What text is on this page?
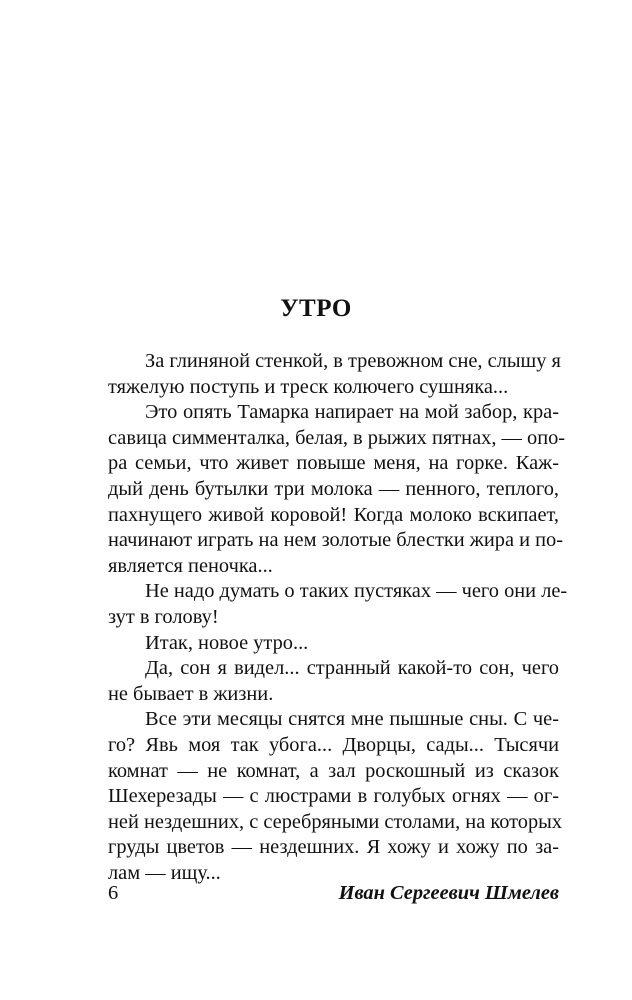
УТРО
За глиняной стенкой, в тревожном сне, слышу я
тяжелую поступь и треск колючего сушняка...
Это опять Тамарка напирает на мой забор, кра-
савица симменталка, белая, в рыжих пятнах, — опо-
ра семьи, что живет повыше меня, на горке. Каж-
дый день бутылки три молока — пенного, теплого,
пахнущего живой коровой! Когда молоко вскипает,
начинают играть на нем золотые блестки жира и по-
является пеночка...
Не надо думать о таких пустяках — чего они ле-
зут в голову!
Итак, новое утро...
Да, сон я видел... странный какой-то сон, чего
не бывает в жизни.
Все эти месяцы снятся мне пышные сны. С че-
го? Явь моя так убога... Дворцы, сады... Тысячи
комнат — не комнат, а зал роскошный из сказок
Шехерезады — с люстрами в голубых огнях — ог-
ней нездешних, с серебряными столами, на которых
груды цветов — нездешних. Я хожу и хожу по за-
лам — ищу...
6	Иван Сергеевич Шмелев
